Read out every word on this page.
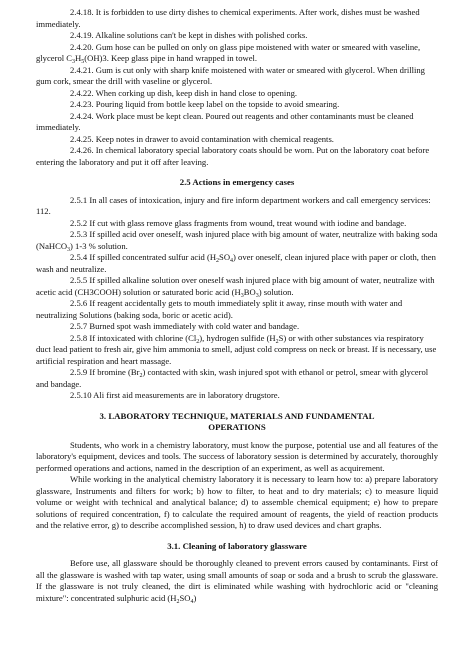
2.4.18. It is forbidden to use dirty dishes to chemical experiments. After work, dishes must be washed immediately.

2.4.19. Alkaline solutions can't be kept in dishes with polished corks.

2.4.20. Gum hose can be pulled on only on glass pipe moistened with water or smeared with vaseline, glycerol $C_3H_5(OH)3$. Keep glass pipe in hand wrapped in towel.

2.4.21. Gum is cut only with sharp knife moistened with water or smeared with glycerol. When drilling gum cork, smear the drill with vaseline or glycerol.

2.4.22. When corking up dish, keep dish in hand close to opening.

2.4.23. Pouring liquid from bottle keep label on the topside to avoid smearing.

2.4.24. Work place must be kept clean. Poured out reagents and other contaminants must be cleaned immediately.

2.4.25. Keep notes in drawer to avoid contamination with chemical reagents.

2.4.26. In chemical laboratory special laboratory coats should be worn. Put on the laboratory coat before entering the laboratory and put it off after leaving.

2.5 Actions in emergency cases

2.5.1 In all cases of intoxication, injury and fire inform department workers and call emergency services: 112.

2.5.2 If cut with glass remove glass fragments from wound, treat wound with iodine and bandage.

2.5.3 If spilled acid over oneself, wash injured place with big amount of water, neutralize with baking soda (NaHCO$_3$) 1-3 % solution.

2.5.4 If spilled concentrated sulfur acid $(H_2SO_4)$ over oneself, clean injured place with paper or cloth, then wash and neutralize.

2.5.5 If spilled alkaline solution over oneself wash injured place with big amount of water, neutralize with acetic acid (CH3COOH) solution or saturated boric acid $(H_3BO_3)$ solution.

2.5.6 If reagent accidentally gets to mouth immediately split it away, rinse mouth with water and neutralizing Solutions (baking soda, boric or acetic acid).

2.5.7 Burned spot wash immediately with cold water and bandage.

2.5.8 If intoxicated with chlorine $(Cl_2)$, hydrogen sulfide $(H_2S)$ or with other substances via respiratory duct lead patient to fresh air, give him ammonia to smell, adjust cold compress on neck or breast. If is necessary, use artificial respiration and heart massage.

2.5.9 If bromine $(Br_2)$ contacted with skin, wash injured spot with ethanol or petrol, smear with glycerol and bandage.

2.5.10 Ali first aid measurements are in laboratory drugstore.

3. LABORATORY TECHNIQUE, MATERIALS AND FUNDAMENTAL OPERATIONS

Students, who work in a chemistry laboratory, must know the purpose, potential use and all features of the laboratory's equipment, devices and tools. The success of laboratory session is determined by accurately, thoroughly performed operations and actions, named in the description of an experiment, as well as acquirement.

While working in the analytical chemistry laboratory it is necessary to learn how to: a) prepare laboratory glassware, Instruments and filters for work; b) how to filter, to heat and to dry materials; c) to measure liquid volume or weight with technical and analytical balance; d) to assemble chemical equipment; e) how to prepare solutions of required concentration, f) to calculate the required amount of reagents, the yield of reaction products and the relative error, g) to describe accomplished session, h) to draw used devices and chart graphs.

3.1. Cleaning of laboratory glassware

Before use, all glassware should be thoroughly cleaned to prevent errors caused by contaminants. First of all the glassware is washed with tap water, using small amounts of soap or soda and a brush to scrub the glassware. If the glassware is not truly cleaned, the dirt is eliminated while washing with hydrochloric acid or "cleaning mixture": concentrated sulphuric acid $(H_2SO_4)$
